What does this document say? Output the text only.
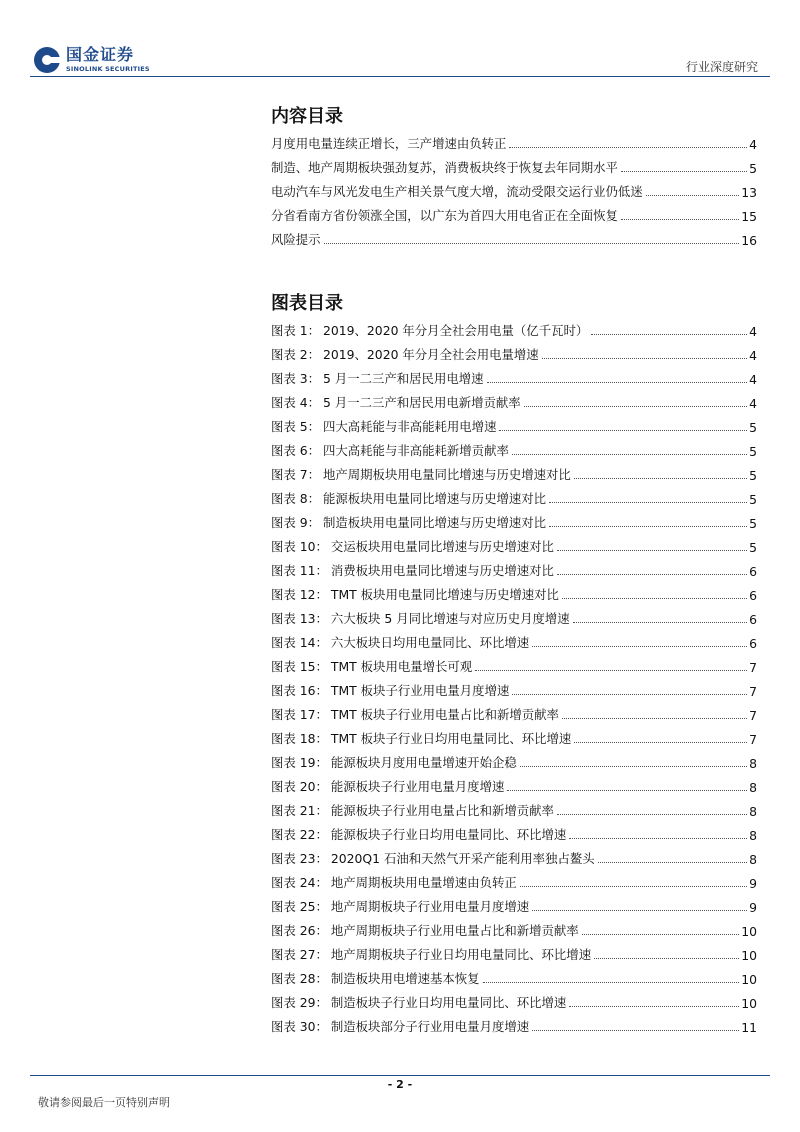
国金证券
SINOLINK SECURITIES	行业深度研究
内容目录
月度用电量连续正增长，三产增速由负转正	4
制造、地产周期板块强劲复苏，消费板块终于恢复去年同期水平	5
电动汽车与风光发电生产相关景气度大增，流动受限交运行业仍低迷	13
分省看南方省份领涨全国，以广东为首四大用电省正在全面恢复	15
风险提示	16
图表目录
图表 1： 2019、2020 年分月全社会用电量（亿千瓦时）	4
图表 2： 2019、2020 年分月全社会用电量增速	4
图表 3： 5 月一二三产和居民用电增速	4
图表 4： 5 月一二三产和居民用电新增贡献率	4
图表 5： 四大高耗能与非高能耗用电增速	5
图表 6： 四大高耗能与非高能耗新增贡献率	5
图表 7： 地产周期板块用电量同比增速与历史增速对比	5
图表 8： 能源板块用电量同比增速与历史增速对比	5
图表 9： 制造板块用电量同比增速与历史增速对比	5
图表 10： 交运板块用电量同比增速与历史增速对比	5
图表 11： 消费板块用电量同比增速与历史增速对比	6
图表 12： TMT 板块用电量同比增速与历史增速对比	6
图表 13： 六大板块 5 月同比增速与对应历史月度增速	6
图表 14： 六大板块日均用电量同比、环比增速	6
图表 15： TMT 板块用电量增长可观	7
图表 16： TMT 板块子行业用电量月度增速	7
图表 17： TMT 板块子行业用电量占比和新增贡献率	7
图表 18： TMT 板块子行业日均用电量同比、环比增速	7
图表 19： 能源板块月度用电量增速开始企稳	8
图表 20： 能源板块子行业用电量月度增速	8
图表 21： 能源板块子行业用电量占比和新增贡献率	8
图表 22： 能源板块子行业日均用电量同比、环比增速	8
图表 23： 2020Q1 石油和天然气开采产能利用率独占鳌头	8
图表 24： 地产周期板块用电量增速由负转正	9
图表 25： 地产周期板块子行业用电量月度增速	9
图表 26： 地产周期板块子行业用电量占比和新增贡献率	10
图表 27： 地产周期板块子行业日均用电量同比、环比增速	10
图表 28： 制造板块用电增速基本恢复	10
图表 29： 制造板块子行业日均用电量同比、环比增速	10
图表 30： 制造板块部分子行业用电量月度增速	11
- 2 -
敬请参阅最后一页特别声明
